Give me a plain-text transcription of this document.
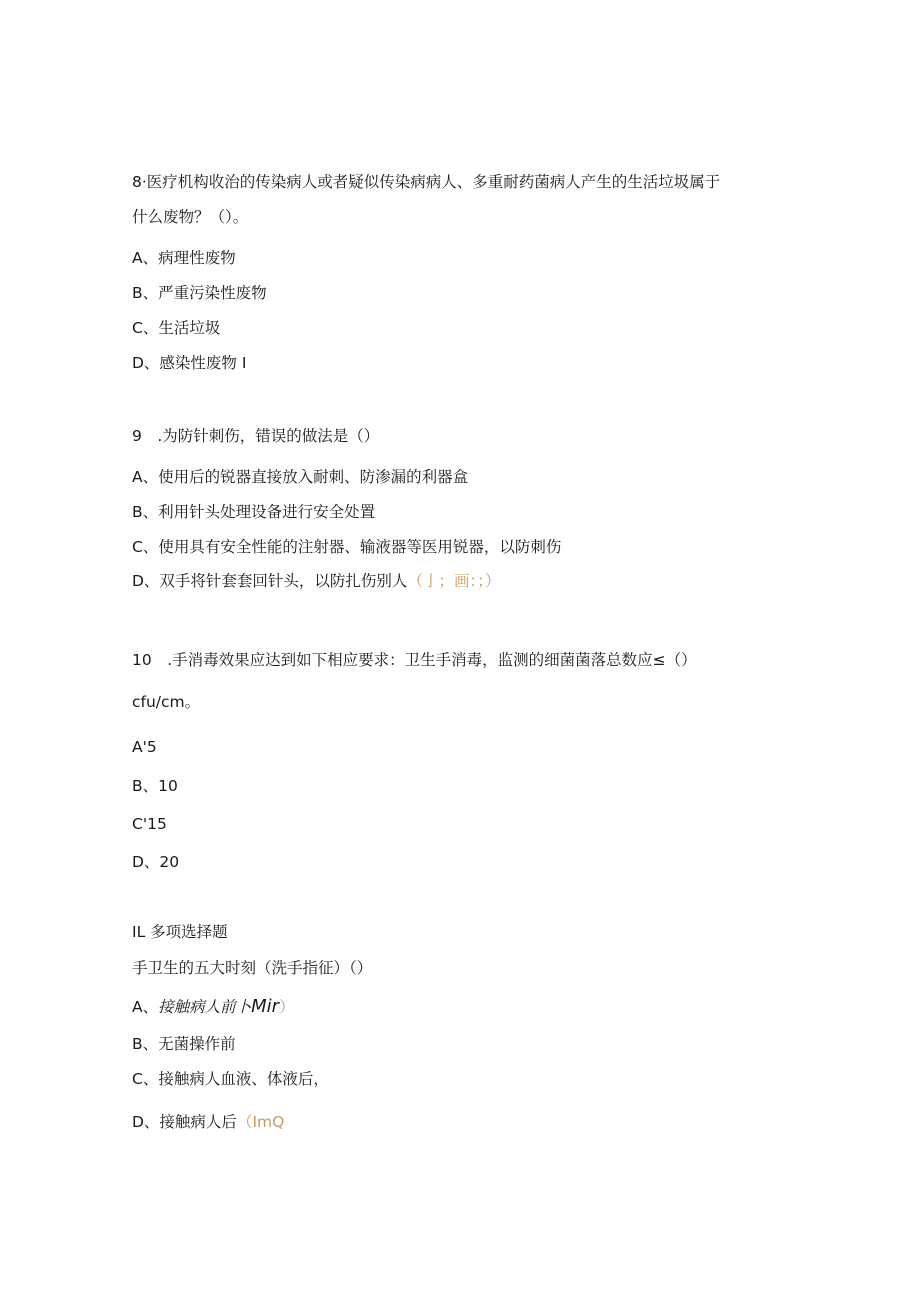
8·医疗机构收治的传染病人或者疑似传染病病人、多重耐药菌病人产生的生活垃圾属于
什么废物？（）。
A、病理性废物
B、严重污染性废物
C、生活垃圾
D、感染性废物 I
9　.为防针刺伤，错误的做法是（）
A、使用后的锐器直接放入耐刺、防渗漏的利器盒
B、利用针头处理设备进行安全处置
C、使用具有安全性能的注射器、输液器等医用锐器，以防刺伤
D、双手将针套套回针头，以防扎伤别人（亅；画：；）
10　.手消毒效果应达到如下相应要求：卫生手消毒，监测的细菌菌落总数应≤（）
cfu/cm。
A'5
B、10
C'15
D、20
IL 多项选择题
手卫生的五大时刻（洗手指征）（）
A、接触病人前卜Mir）
B、无菌操作前
C、接触病人血液、体液后，
D、接触病人后（ImQ
